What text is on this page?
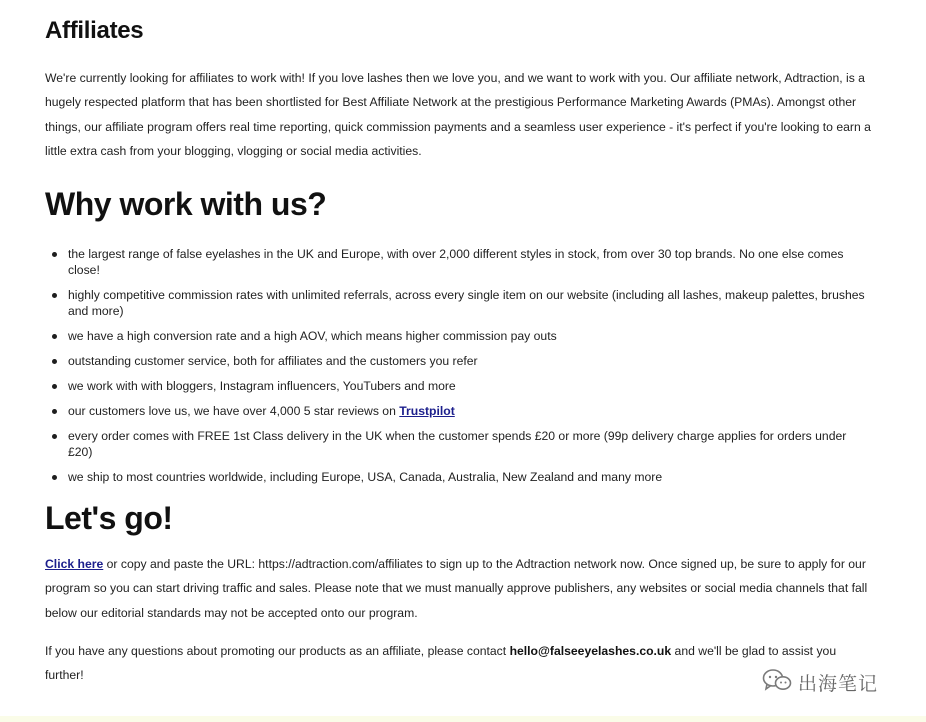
Affiliates

We're currently looking for affiliates to work with! If you love lashes then we love you, and we want to work with you. Our affiliate network, Adtraction, is a hugely respected platform that has been shortlisted for Best Affiliate Network at the prestigious Performance Marketing Awards (PMAs). Amongst other things, our affiliate program offers real time reporting, quick commission payments and a seamless user experience - it's perfect if you're looking to earn a little extra cash from your blogging, vlogging or social media activities.

Why work with us?
the largest range of false eyelashes in the UK and Europe, with over 2,000 different styles in stock, from over 30 top brands. No one else comes close!
highly competitive commission rates with unlimited referrals, across every single item on our website (including all lashes, makeup palettes, brushes and more)
we have a high conversion rate and a high AOV, which means higher commission pay outs
outstanding customer service, both for affiliates and the customers you refer
we work with with bloggers, Instagram influencers, YouTubers and more
our customers love us, we have over 4,000 5 star reviews on Trustpilot
every order comes with FREE 1st Class delivery in the UK when the customer spends £20 or more (99p delivery charge applies for orders under £20)
we ship to most countries worldwide, including Europe, USA, Canada, Australia, New Zealand and many more
Let's go!

Click here or copy and paste the URL: https://adtraction.com/affiliates to sign up to the Adtraction network now. Once signed up, be sure to apply for our program so you can start driving traffic and sales. Please note that we must manually approve publishers, any websites or social media channels that fall below our editorial standards may not be accepted onto our program.

If you have any questions about promoting our products as an affiliate, please contact hello@falseeyelashes.co.uk and we'll be glad to assist you further!	出海笔记
